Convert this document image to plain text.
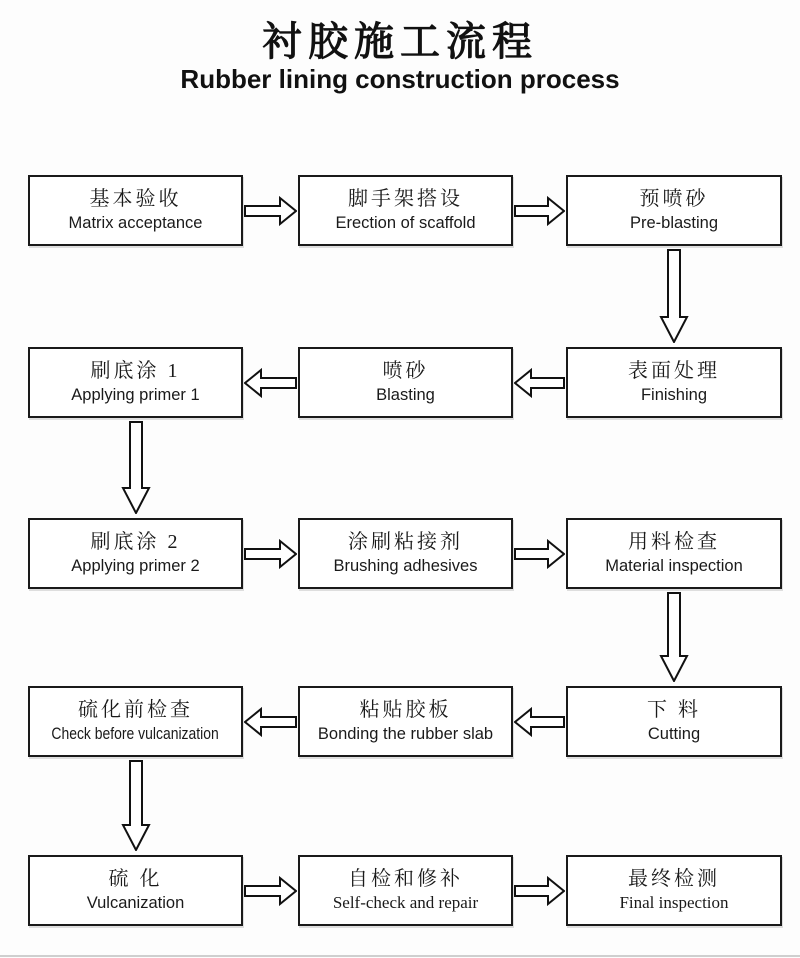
衬胶施工流程
Rubber lining construction process
基本验收
Matrix acceptance
脚手架搭设
Erection of scaffold
预喷砂
Pre-blasting
表面处理
Finishing
喷砂
Blasting
刷底涂 1
Applying primer 1
刷底涂 2
Applying primer 2
涂刷粘接剂
Brushing adhesives
用料检查
Material inspection
下 料
Cutting
粘贴胶板
Bonding the rubber slab
硫化前检查
Check before vulcanization
硫 化
Vulcanization
自检和修补
Self-check and repair
最终检测
Final inspection
